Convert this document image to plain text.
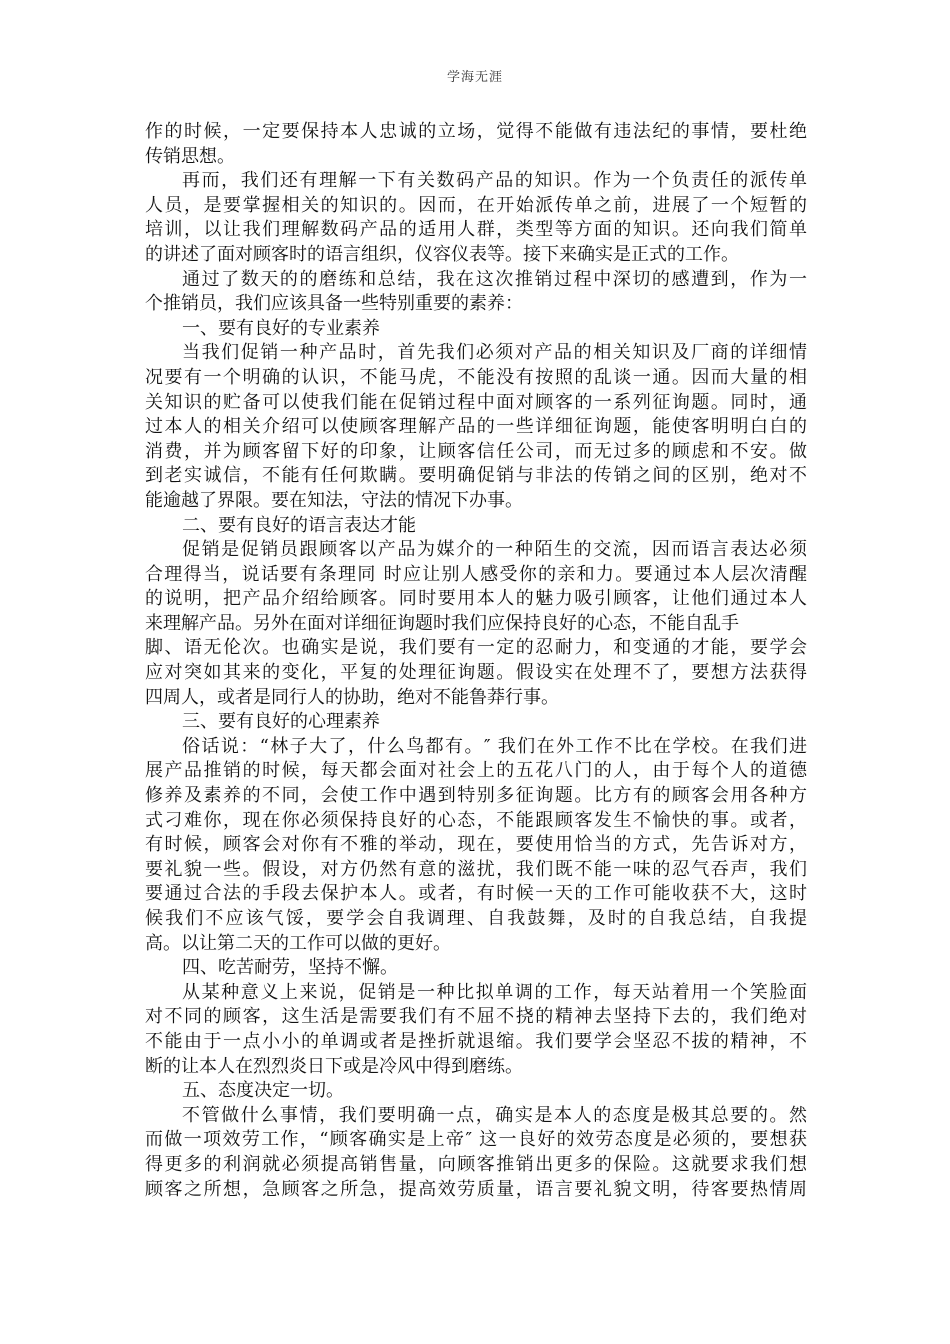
学海无涯
作的时候，一定要保持本人忠诚的立场，觉得不能做有违法纪的事情，要杜绝
传销思想。
再而，我们还有理解一下有关数码产品的知识。作为一个负责任的派传单
人员，是要掌握相关的知识的。因而，在开始派传单之前，进展了一个短暂的
培训，以让我们理解数码产品的适用人群，类型等方面的知识。还向我们简单
的讲述了面对顾客时的语言组织，仪容仪表等。接下来确实是正式的工作。
通过了数天的的磨练和总结，我在这次推销过程中深切的感遭到，作为一
个推销员，我们应该具备一些特别重要的素养：
一、要有良好的专业素养
当我们促销一种产品时，首先我们必须对产品的相关知识及厂商的详细情
况要有一个明确的认识，不能马虎，不能没有按照的乱谈一通。因而大量的相
关知识的贮备可以使我们能在促销过程中面对顾客的一系列征询题。同时，通
过本人的相关介绍可以使顾客理解产品的一些详细征询题，能使客明明白白的
消费，并为顾客留下好的印象，让顾客信任公司，而无过多的顾虑和不安。做
到老实诚信，不能有任何欺瞒。要明确促销与非法的传销之间的区别，绝对不
能逾越了界限。要在知法，守法的情况下办事。
二、要有良好的语言表达才能
促销是促销员跟顾客以产品为媒介的一种陌生的交流，因而语言表达必须
合理得当，说话要有条理同 时应让别人感受你的亲和力。要通过本人层次清醒
的说明，把产品介绍给顾客。同时要用本人的魅力吸引顾客，让他们通过本人
来理解产品。另外在面对详细征询题时我们应保持良好的心态，不能自乱手
脚、语无伦次。也确实是说，我们要有一定的忍耐力，和变通的才能，要学会
应对突如其来的变化，平复的处理征询题。假设实在处理不了，要想方法获得
四周人，或者是同行人的协助，绝对不能鲁莽行事。
三、要有良好的心理素养
俗话说：“林子大了，什么鸟都有。″ 我们在外工作不比在学校。在我们进
展产品推销的时候，每天都会面对社会上的五花八门的人，由于每个人的道德
修养及素养的不同，会使工作中遇到特别多征询题。比方有的顾客会用各种方
式刁难你，现在你必须保持良好的心态，不能跟顾客发生不愉快的事。或者，
有时候，顾客会对你有不雅的举动，现在，要使用恰当的方式，先告诉对方，
要礼貌一些。假设，对方仍然有意的滋扰，我们既不能一味的忍气吞声，我们
要通过合法的手段去保护本人。或者，有时候一天的工作可能收获不大，这时
候我们不应该气馁，要学会自我调理、自我鼓舞，及时的自我总结，自我提
高。以让第二天的工作可以做的更好。
四、吃苦耐劳，坚持不懈。
从某种意义上来说，促销是一种比拟单调的工作，每天站着用一个笑脸面
对不同的顾客，这生活是需要我们有不屈不挠的精神去坚持下去的，我们绝对
不能由于一点小小的单调或者是挫折就退缩。我们要学会坚忍不拔的精神，不
断的让本人在烈烈炎日下或是冷风中得到磨练。
五、态度决定一切。
不管做什么事情，我们要明确一点，确实是本人的态度是极其总要的。然
而做一项效劳工作，“顾客确实是上帝″ 这一良好的效劳态度是必须的，要想获
得更多的利润就必须提高销售量，向顾客推销出更多的保险。这就要求我们想
顾客之所想，急顾客之所急，提高效劳质量，语言要礼貌文明，待客要热情周
